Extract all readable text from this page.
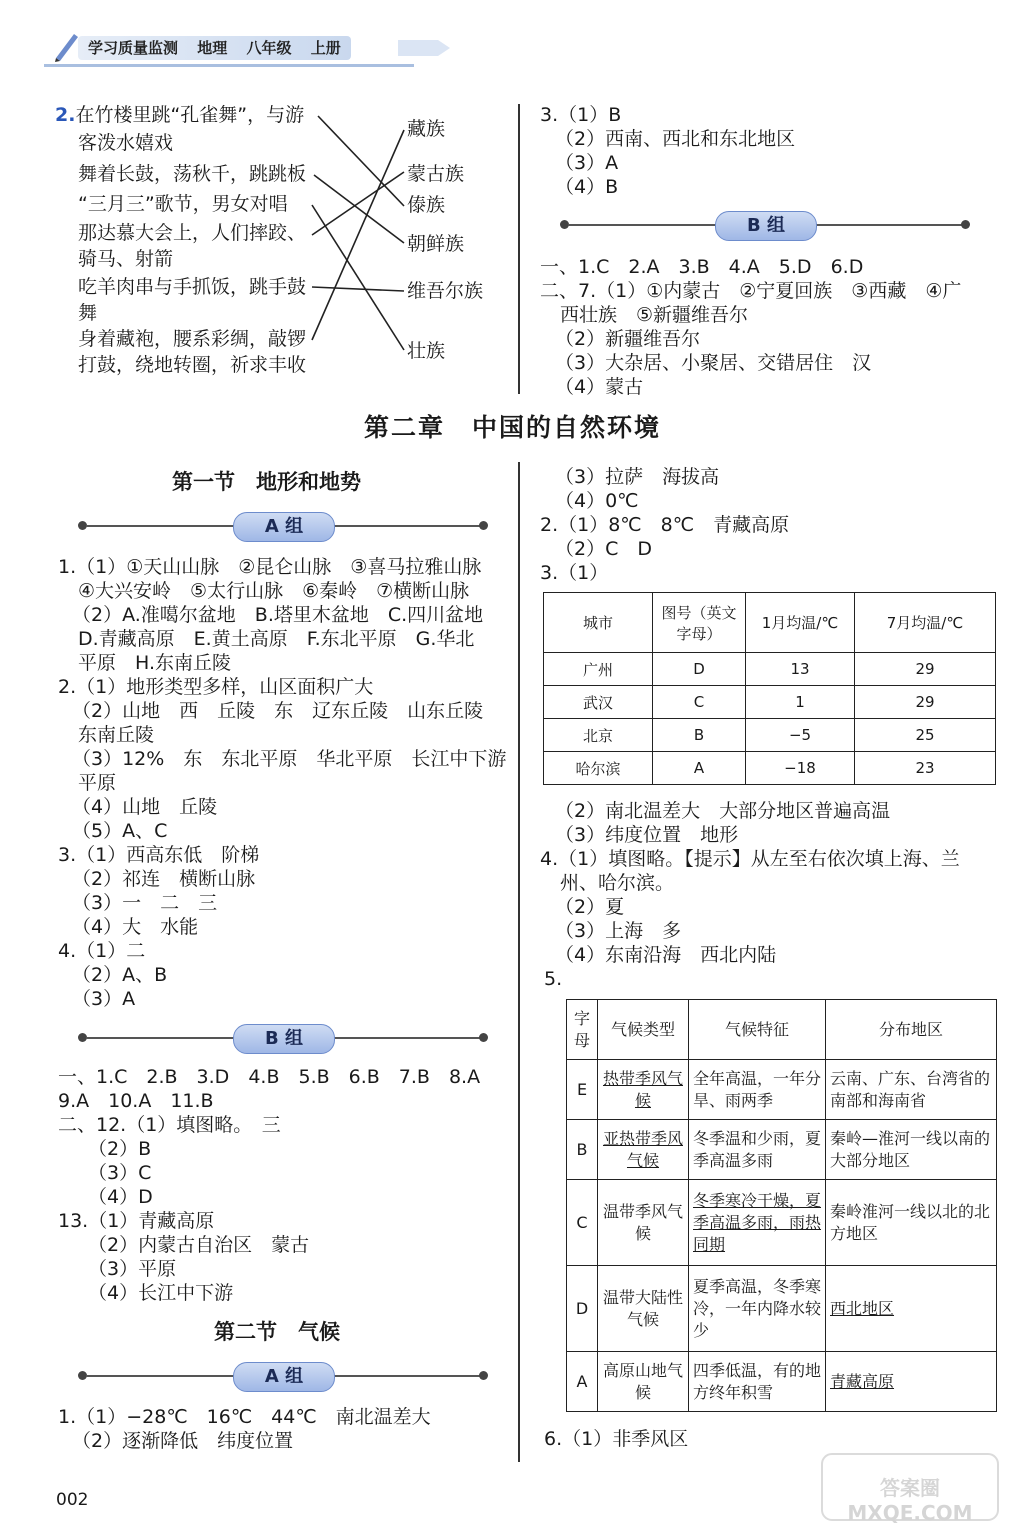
学习质量监测 地理 八年级 上册
2.在竹楼里跳“孔雀舞”，与游
客泼水嬉戏
舞着长鼓，荡秋千，跳跳板
“三月三”歌节，男女对唱
那达慕大会上，人们摔跤、
骑马、射箭
吃羊肉串与手抓饭，跳手鼓
舞
身着藏袍，腰系彩绸，敲锣
打鼓，绕地转圈，祈求丰收
藏族
蒙古族
傣族
朝鲜族
维吾尔族
壮族
3.（1）B
（2）西南、西北和东北地区
（3）A
（4）B
B 组
一、1.C　2.A　3.B　4.A　5.D　6.D
二、7.（1）①内蒙古　②宁夏回族　③西藏　④广
西壮族　⑤新疆维吾尔
（2）新疆维吾尔
（3）大杂居、小聚居、交错居住　汉
（4）蒙古
第二章　中国的自然环境
第一节　地形和地势
A 组
1.（1）①天山山脉　②昆仑山脉　③喜马拉雅山脉
④大兴安岭　⑤太行山脉　⑥秦岭　⑦横断山脉
（2）A.准噶尔盆地　B.塔里木盆地　C.四川盆地
D.青藏高原　E.黄土高原　F.东北平原　G.华北
平原　H.东南丘陵
2.（1）地形类型多样，山区面积广大
（2）山地　西　丘陵　东　辽东丘陵　山东丘陵
东南丘陵
（3）12%　东　东北平原　华北平原　长江中下游
平原
（4）山地　丘陵
（5）A、C
3.（1）西高东低　阶梯
（2）祁连　横断山脉
（3）一　二　三
（4）大　水能
4.（1）二
（2）A、B
（3）A
B 组
一、1.C　2.B　3.D　4.B　5.B　6.B　7.B　8.A
9.A　10.A　11.B
二、12.（1）填图略。　三
（2）B
（3）C
（4）D
13.（1）青藏高原
（2）内蒙古自治区　蒙古
（3）平原
（4）长江中下游
第二节　气候
A 组
1.（1）−28℃　16℃　44℃　南北温差大
（2）逐渐降低　纬度位置
（3）拉萨　海拔高
（4）0℃
2.（1）8℃　8℃　青藏高原
（2）C　D
3.（1）
城市	图号（英文字母）	1月均温/℃	7月均温/℃
广州	D	13	29
武汉	C	1	29
北京	B	−5	25
哈尔滨	A	−18	23
（2）南北温差大　大部分地区普遍高温
（3）纬度位置　地形
4.（1）填图略。【提示】从左至右依次填上海、兰
州、哈尔滨。
（2）夏
（3）上海　多
（4）东南沿海　西北内陆
5.
字母	气候类型	气候特征	分布地区
E	热带季风气候	全年高温，一年分旱、雨两季	云南、广东、台湾省的南部和海南省
B	亚热带季风气候	冬季温和少雨，夏季高温多雨	秦岭—淮河一线以南的大部分地区
C	温带季风气候	冬季寒冷干燥，夏季高温多雨，雨热同期	秦岭淮河一线以北的北方地区
D	温带大陆性气候	夏季高温，冬季寒冷，一年内降水较少	西北地区
A	高原山地气候	四季低温，有的地方终年积雪	青藏高原
6.（1）非季风区
002	答案圈 MXQE.COM
